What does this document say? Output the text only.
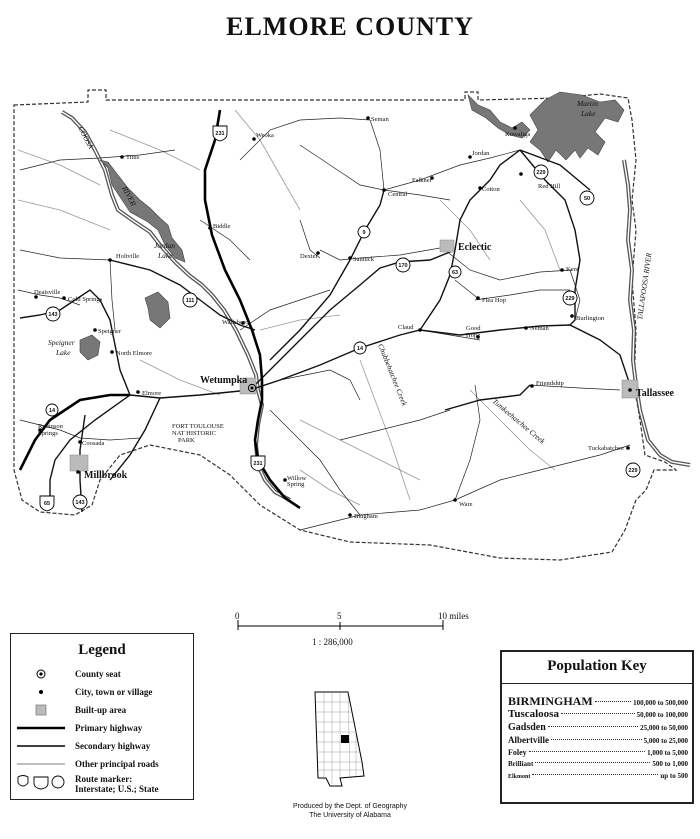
ELMORE COUNTY
231
9
170
63
229
50
229
143
111
14
14
231
229
65	143
COOSA
RIVER
Jordan
Lake
Martin
Lake
Speigner
Lake
TALLAPOOSA RIVER
Chubbehatchee Creek
Tumkeehatchee Creek
Titus
Weoka
Seman
Kowaliga
Jordan
Falkner
Cotton	Red Hill
Central
Biddle
Dexter	Santuck
Eclectic
Holtville
Kent
Deatsville
Cold Springs	Flea Hop
Burlington
Speigner
Wallsboro
Claud	Good
Hope
Neman
North Elmore
Wetumpka
Elmore
Friendship
Tallassee
FORT TOULOUSE
NAT HISTORIC
PARK
Robinson
Springs
Coosada
Millbrook
Tuckabatchee
Willow
Spring
Bingham
Ware
0	5	10 miles
1 : 286,000
Legend
County seat
City, town or village
Built-up area
Primary highway
Secondary highway
Other principal roads
Route marker:
Interstate; U.S.; State
Population Key
BIRMINGHAM	100,000 to 500,000
Tuscaloosa	50,000 to 100,000
Gadsden	25,000 to 50,000
Albertville	5,000 to 25,000
Foley	1,000 to 5,000
Brilliant	500 to 1,000
Elkmont	up to 500
Produced by the Dept. of Geography
The University of Alabama
